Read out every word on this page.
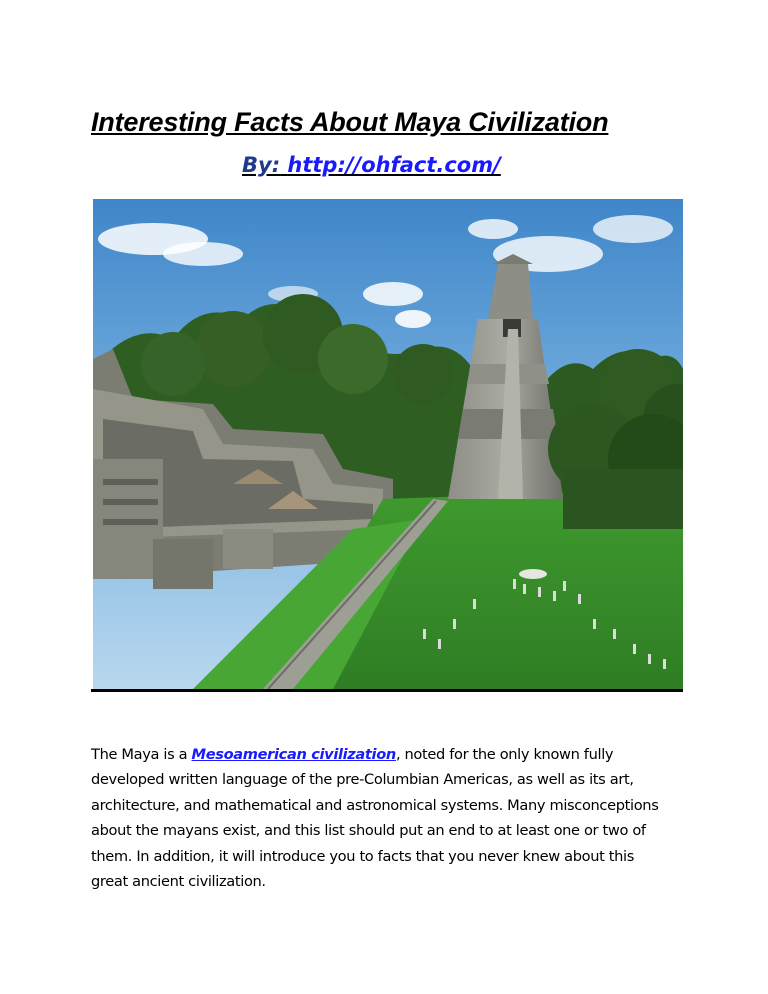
Interesting Facts About Maya Civilization
By: http://ohfact.com/

The Maya is a Mesoamerican civilization, noted for the only known fully
developed written language of the pre-Columbian Americas, as well as its art,
architecture, and mathematical and astronomical systems. Many misconceptions
about the mayans exist, and this list should put an end to at least one or two of
them. In addition, it will introduce you to facts that you never knew about this
great ancient civilization.
